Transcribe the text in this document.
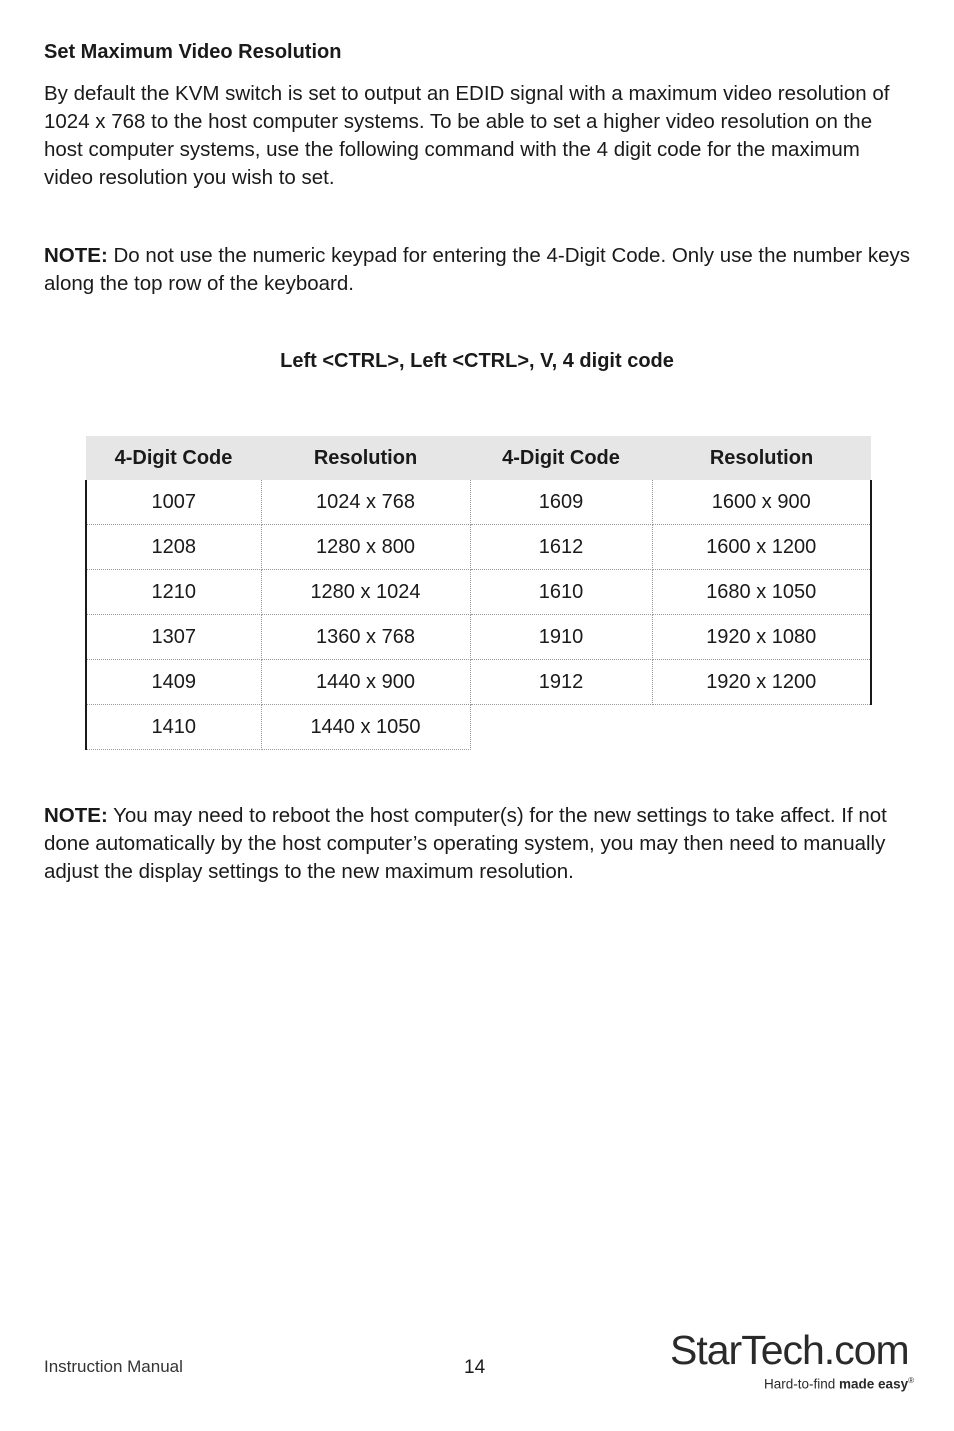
Set Maximum Video Resolution

By default the KVM switch is set to output an EDID signal with a maximum video resolution of 1024 x 768 to the host computer systems. To be able to set a higher video resolution on the host computer systems, use the following command with the 4 digit code for the maximum video resolution you wish to set.

NOTE: Do not use the numeric keypad for entering the 4-Digit Code. Only use the number keys along the top row of the keyboard.

Left <CTRL>, Left <CTRL>, V, 4 digit code

4-Digit Code	Resolution	4-Digit Code	Resolution
1007	1024 x 768	1609	1600 x 900
1208	1280 x 800	1612	1600 x 1200
1210	1280 x 1024	1610	1680 x 1050
1307	1360 x 768	1910	1920 x 1080
1409	1440 x 900	1912	1920 x 1200
1410	1440 x 1050		

NOTE: You may need to reboot the host computer(s) for the new settings to take affect. If not done automatically by the host computer’s operating system, you may then need to manually adjust the display settings to the new maximum resolution.

Instruction Manual	14	StarTech.com
Hard-to-find made easy®
